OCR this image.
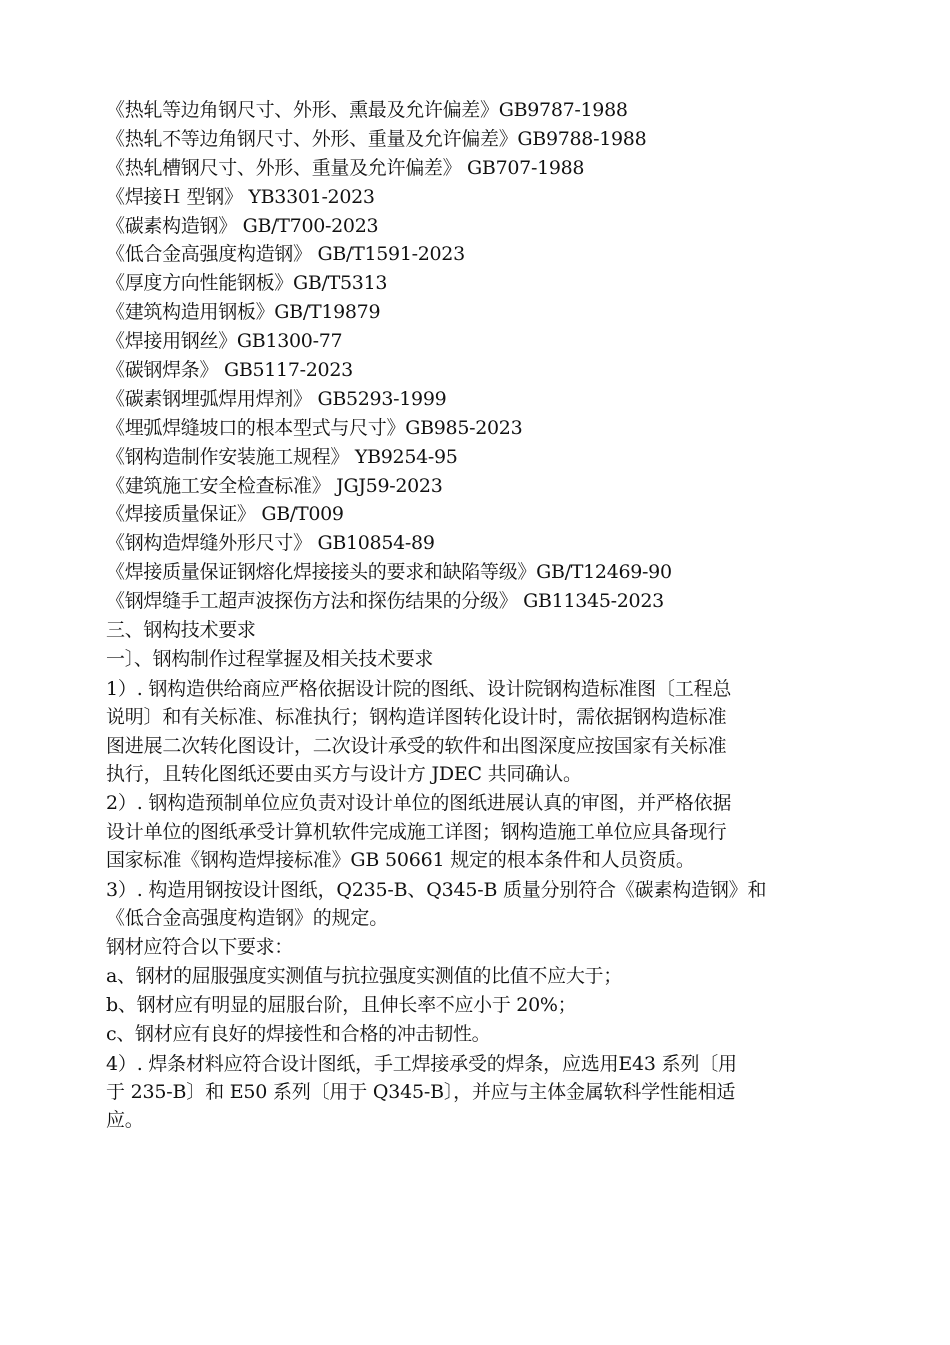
《热轧等边角钢尺寸、外形、熏最及允许偏差》GB9787-1988
《热轧不等边角钢尺寸、外形、重量及允许偏差》GB9788-1988
《热轧槽钢尺寸、外形、重量及允许偏差》 GB707-1988
《焊接Ｈ 型钢》 YB3301-2023
《碳素构造钢》 GB/T700-2023
《低合金高强度构造钢》 GB/T1591-2023
《厚度方向性能钢板》GB/T5313
《建筑构造用钢板》GB/T19879
《焊接用钢丝》GB1300-77
《碳钢焊条》 GB5117-2023
《碳素钢埋弧焊用焊剂》 GB5293-1999
《埋弧焊缝坡口的根本型式与尺寸》GB985-2023
《钢构造制作安装施工规程》 YB9254-95
《建筑施工安全检查标准》 JGJ59-2023
《焊接质量保证》 GB/T009
《钢构造焊缝外形尺寸》 GB10854-89
《焊接质量保证钢熔化焊接接头的要求和缺陷等级》GB/T12469-90
《钢焊缝手工超声波探伤方法和探伤结果的分级》 GB11345-2023
三、钢构技术要求
一〕、钢构制作过程掌握及相关技术要求

1）. 钢构造供给商应严格依据设计院的图纸、设计院钢构造标准图〔工程总
说明〕和有关标准、标准执行；钢构造详图转化设计时，需依据钢构造标准
图进展二次转化图设计，二次设计承受的软件和出图深度应按国家有关标准
执行，且转化图纸还要由买方与设计方 JDEC 共同确认。

2）. 钢构造预制单位应负责对设计单位的图纸进展认真的审图，并严格依据
设计单位的图纸承受计算机软件完成施工详图；钢构造施工单位应具备现行
国家标准《钢构造焊接标准》GB 50661 规定的根本条件和人员资质。

3）. 构造用钢按设计图纸，Q235-B、Q345-B 质量分别符合《碳素构造钢》和
《低合金高强度构造钢》的规定。

钢材应符合以下要求：
a、钢材的屈服强度实测值与抗拉强度实测值的比值不应大于；
b、钢材应有明显的屈服台阶，且伸长率不应小于 20%；
c、钢材应有良好的焊接性和合格的冲击韧性。

4）. 焊条材料应符合设计图纸，手工焊接承受的焊条，应选用E43 系列〔用
于 235-B〕和 E50 系列〔用于 Q345-B〕，并应与主体金属软科学性能相适
应。
